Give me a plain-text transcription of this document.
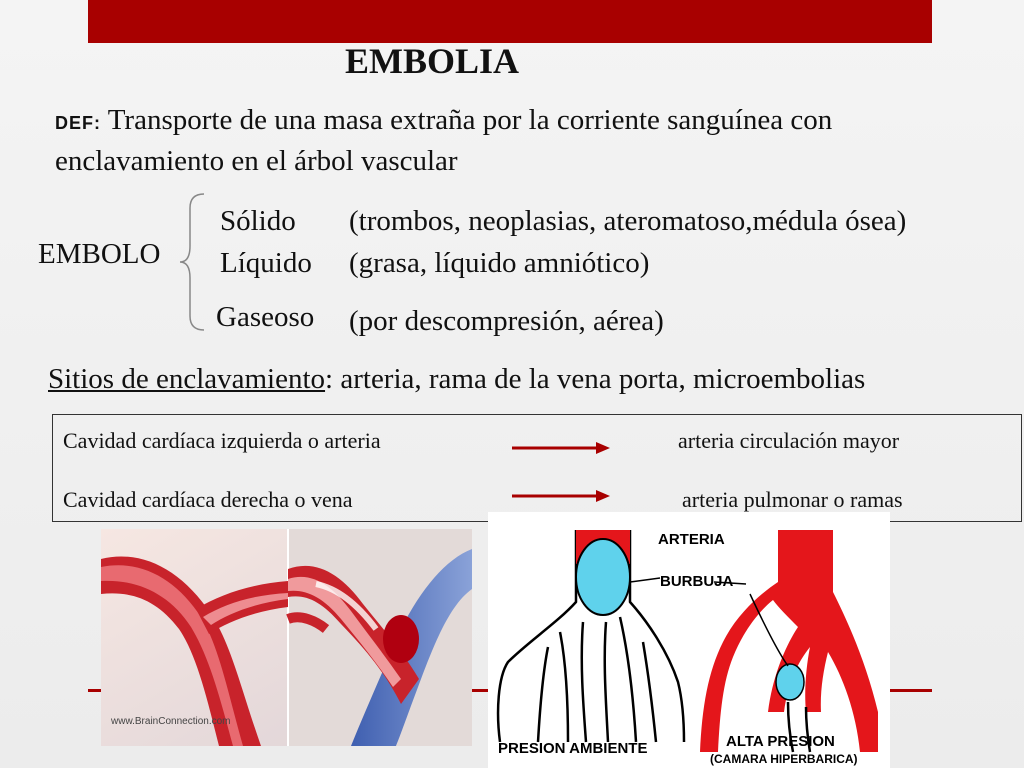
EMBOLIA
DEF: Transporte de una masa extraña por la corriente sanguínea con
enclavamiento en el árbol vascular
EMBOLO
Sólido (trombos, neoplasias, ateromatoso,médula ósea)
Líquido (grasa, líquido amniótico)
Gaseoso (por descompresión, aérea)
Sitios de enclavamiento: arteria, rama de la vena porta, microembolias
Cavidad cardíaca izquierda o arteria	arteria circulación mayor
Cavidad cardíaca derecha o vena	arteria pulmonar o ramas
www.BrainConnection.com
ARTERIA
BURBUJA
PRESION AMBIENTE	ALTA PRESION
(CAMARA HIPERBARICA)
